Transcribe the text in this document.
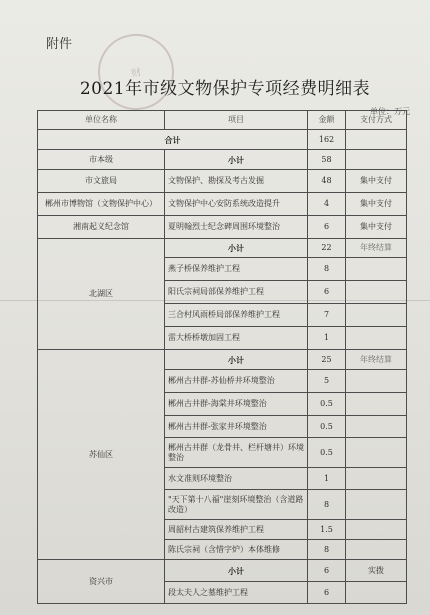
附件
财
2021年市级文物保护专项经费明细表
单位：万元
单位名称	项目	金额	支付方式
合计		162	
市本级	小计	58	
市文旅局	文物保护、勘探及考古发掘	48	集中支付
郴州市博物馆（文物保护中心）	文物保护中心安防系统改造提升	4	集中支付
湘南起义纪念馆	夏明翰烈士纪念碑周围环境整治	6	集中支付
北湖区	小计	22	年终结算
	燕子桥保养维护工程	8	
	阳氏宗祠局部保养维护工程	6	
	三合村风雨桥局部保养维护工程	7	
	雷大桥桥墩加固工程	1	
苏仙区	小计	25	年终结算
	郴州古井群-苏仙桥井环境整治	5	
	郴州古井群-海棠井环境整治	0.5	
	郴州古井群-张家井环境整治	0.5	
	郴州古井群（龙骨井、栏杆塘井）环境整治	0.5	
	水文准则环境整治	1	
	"天下第十八福"崖刻环境整治（含道路改造）	8	
	周韶村古建筑保养维护工程	1.5	
	陈氏宗祠（含惜字炉）本体维修	8	
资兴市	小计	6	实拨
	段太夫人之墓维护工程	6	
